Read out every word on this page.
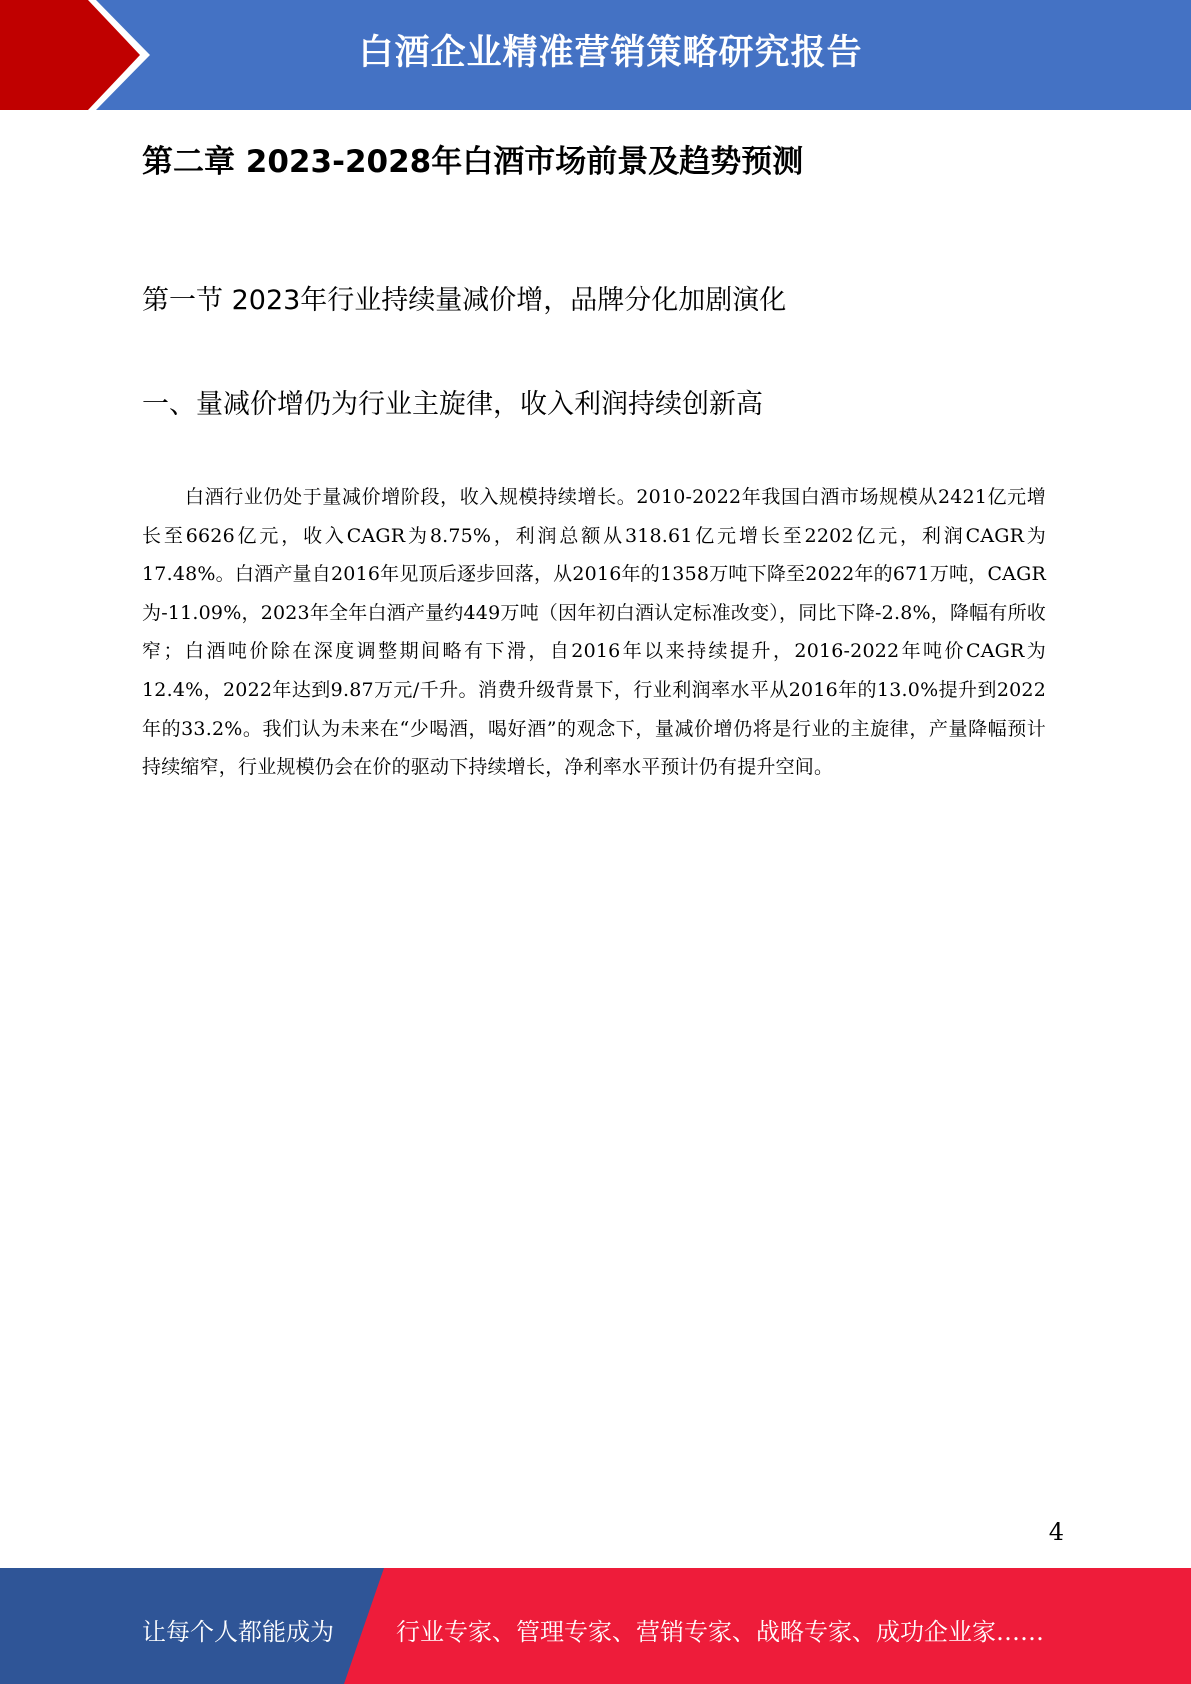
白酒企业精准营销策略研究报告
第二章 2023-2028年白酒市场前景及趋势预测
第一节 2023年行业持续量减价增，品牌分化加剧演化
一、量减价增仍为行业主旋律，收入利润持续创新高

白酒行业仍处于量减价增阶段，收入规模持续增长。2010-2022年我国白酒市场规模从2421亿元增长至6626亿元，收入CAGR为8.75%，利润总额从318.61亿元增长至2202亿元，利润CAGR为17.48%。白酒产量自2016年见顶后逐步回落，从2016年的1358万吨下降至2022年的671万吨，CAGR为-11.09%，2023年全年白酒产量约449万吨（因年初白酒认定标准改变），同比下降-2.8%，降幅有所收窄；白酒吨价除在深度调整期间略有下滑，自2016年以来持续提升，2016-2022年吨价CAGR为12.4%，2022年达到9.87万元/千升。消费升级背景下，行业利润率水平从2016年的13.0%提升到2022年的33.2%。我们认为未来在“少喝酒，喝好酒”的观念下，量减价增仍将是行业的主旋律，产量降幅预计持续缩窄，行业规模仍会在价的驱动下持续增长，净利率水平预计仍有提升空间。

4
让每个人都能成为	行业专家、管理专家、营销专家、战略专家、成功企业家……
